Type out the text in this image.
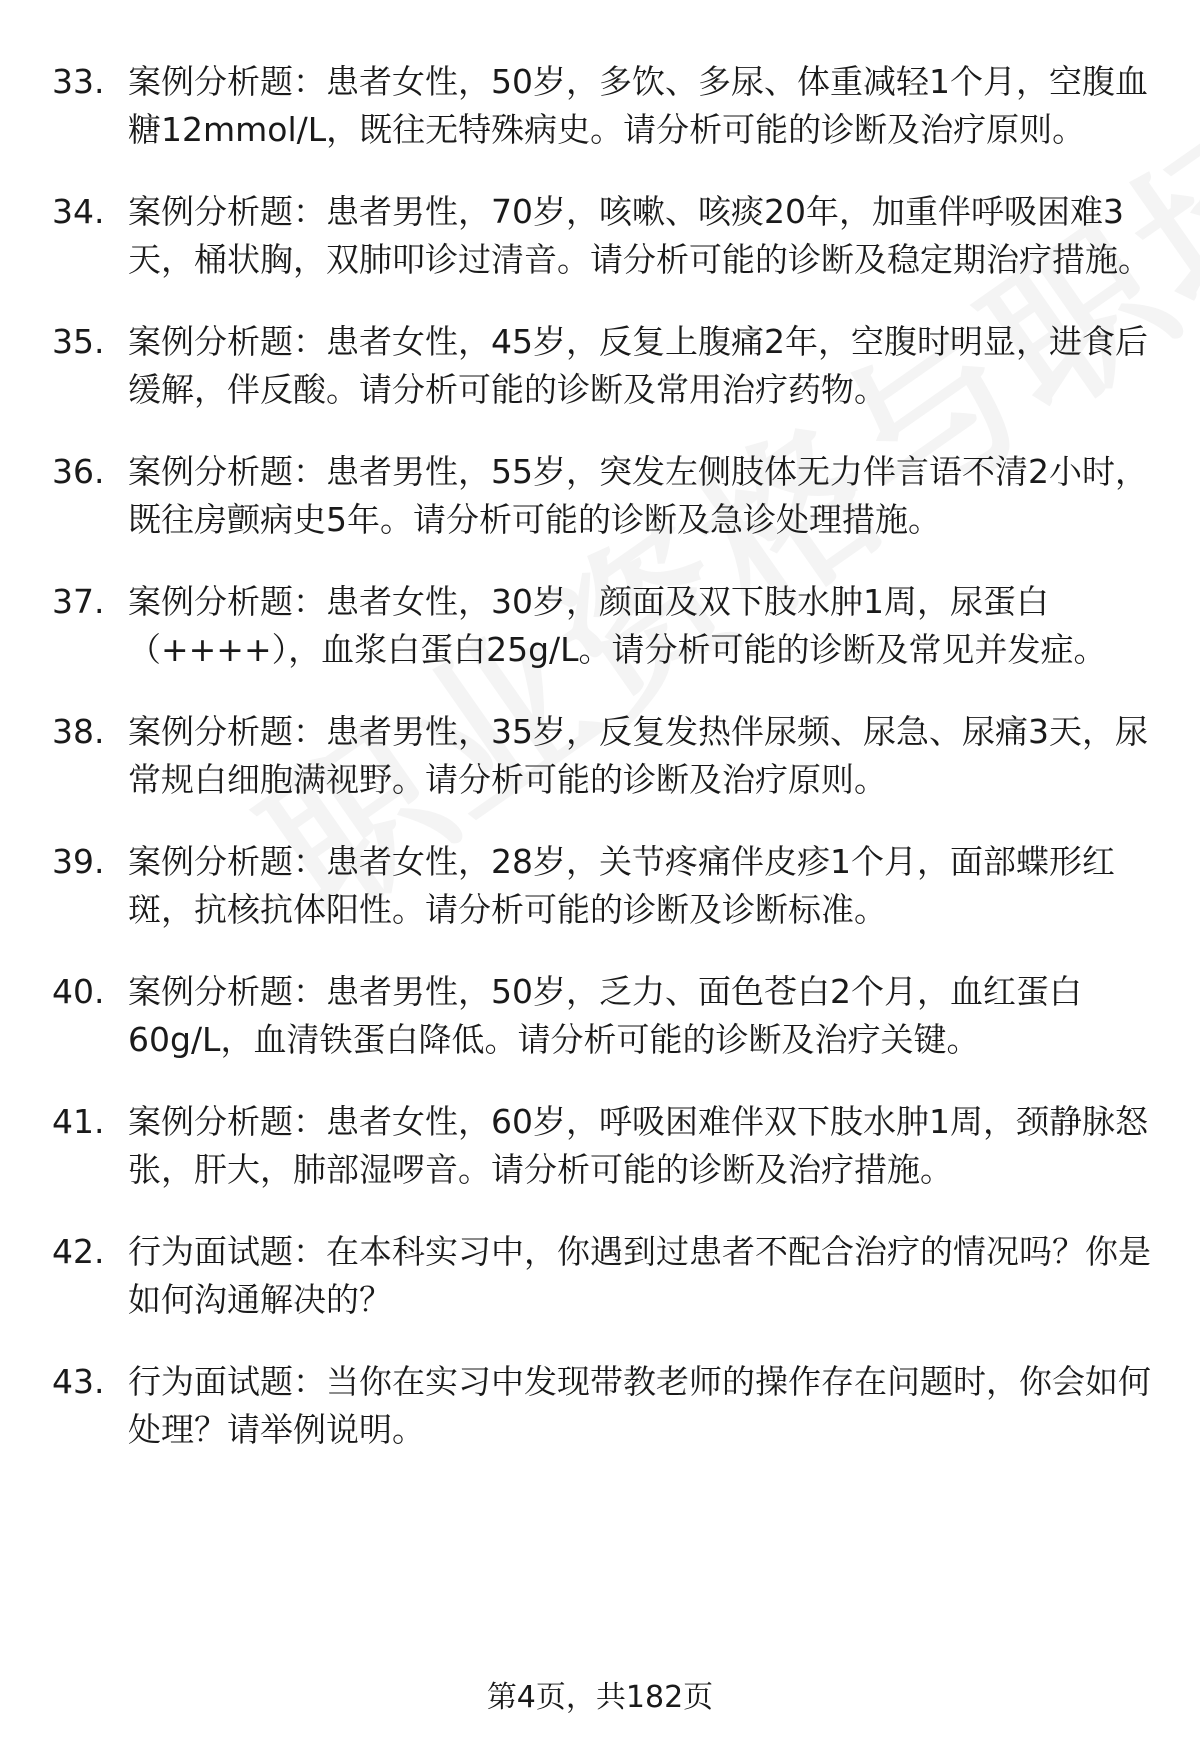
33. 案例分析题：患者女性，50岁，多饮、多尿、体重减轻1个月，空腹血糖12mmol/L，既往无特殊病史。请分析可能的诊断及治疗原则。
34. 案例分析题：患者男性，70岁，咳嗽、咳痰20年，加重伴呼吸困难3天，桶状胸，双肺叩诊过清音。请分析可能的诊断及稳定期治疗措施。
35. 案例分析题：患者女性，45岁，反复上腹痛2年，空腹时明显，进食后缓解，伴反酸。请分析可能的诊断及常用治疗药物。
36. 案例分析题：患者男性，55岁，突发左侧肢体无力伴言语不清2小时，既往房颤病史5年。请分析可能的诊断及急诊处理措施。
37. 案例分析题：患者女性，30岁，颜面及双下肢水肿1周，尿蛋白（++++），血浆白蛋白25g/L。请分析可能的诊断及常见并发症。
38. 案例分析题：患者男性，35岁，反复发热伴尿频、尿急、尿痛3天，尿常规白细胞满视野。请分析可能的诊断及治疗原则。
39. 案例分析题：患者女性，28岁，关节疼痛伴皮疹1个月，面部蝶形红斑，抗核抗体阳性。请分析可能的诊断及诊断标准。
40. 案例分析题：患者男性，50岁，乏力、面色苍白2个月，血红蛋白60g/L，血清铁蛋白降低。请分析可能的诊断及治疗关键。
41. 案例分析题：患者女性，60岁，呼吸困难伴双下肢水肿1周，颈静脉怒张，肝大，肺部湿啰音。请分析可能的诊断及治疗措施。
42. 行为面试题：在本科实习中，你遇到过患者不配合治疗的情况吗？你是如何沟通解决的？
43. 行为面试题：当你在实习中发现带教老师的操作存在问题时，你会如何处理？请举例说明。
第4页，共182页
